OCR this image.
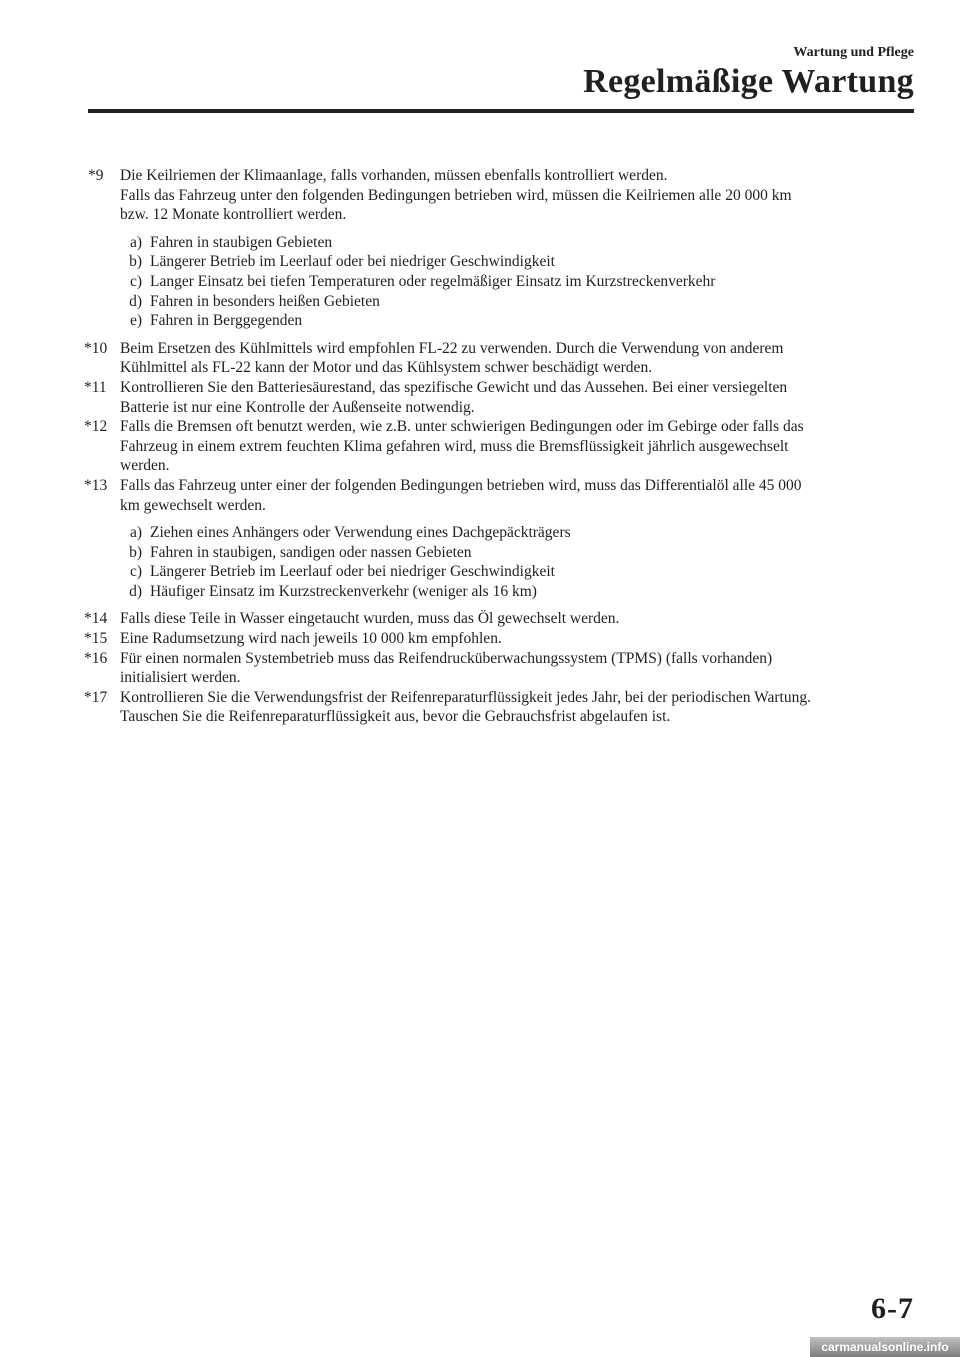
Wartung und Pflege
Regelmäßige Wartung
*9 Die Keilriemen der Klimaanlage, falls vorhanden, müssen ebenfalls kontrolliert werden.
Falls das Fahrzeug unter den folgenden Bedingungen betrieben wird, müssen die Keilriemen alle 20 000 km
bzw. 12 Monate kontrolliert werden.
a) Fahren in staubigen Gebieten
b) Längerer Betrieb im Leerlauf oder bei niedriger Geschwindigkeit
c) Langer Einsatz bei tiefen Temperaturen oder regelmäßiger Einsatz im Kurzstreckenverkehr
d) Fahren in besonders heißen Gebieten
e) Fahren in Berggegenden
*10 Beim Ersetzen des Kühlmittels wird empfohlen FL-22 zu verwenden. Durch die Verwendung von anderem
Kühlmittel als FL-22 kann der Motor und das Kühlsystem schwer beschädigt werden.
*11 Kontrollieren Sie den Batteriesäurestand, das spezifische Gewicht und das Aussehen. Bei einer versiegelten
Batterie ist nur eine Kontrolle der Außenseite notwendig.
*12 Falls die Bremsen oft benutzt werden, wie z.B. unter schwierigen Bedingungen oder im Gebirge oder falls das
Fahrzeug in einem extrem feuchten Klima gefahren wird, muss die Bremsflüssigkeit jährlich ausgewechselt
werden.
*13 Falls das Fahrzeug unter einer der folgenden Bedingungen betrieben wird, muss das Differentialöl alle 45 000
km gewechselt werden.
a) Ziehen eines Anhängers oder Verwendung eines Dachgepäckträgers
b) Fahren in staubigen, sandigen oder nassen Gebieten
c) Längerer Betrieb im Leerlauf oder bei niedriger Geschwindigkeit
d) Häufiger Einsatz im Kurzstreckenverkehr (weniger als 16 km)
*14 Falls diese Teile in Wasser eingetaucht wurden, muss das Öl gewechselt werden.
*15 Eine Radumsetzung wird nach jeweils 10 000 km empfohlen.
*16 Für einen normalen Systembetrieb muss das Reifendrucküberwachungssystem (TPMS) (falls vorhanden)
initialisiert werden.
*17 Kontrollieren Sie die Verwendungsfrist der Reifenreparaturflüssigkeit jedes Jahr, bei der periodischen Wartung.
Tauschen Sie die Reifenreparaturflüssigkeit aus, bevor die Gebrauchsfrist abgelaufen ist.
6-7
carmanualsonline.info
